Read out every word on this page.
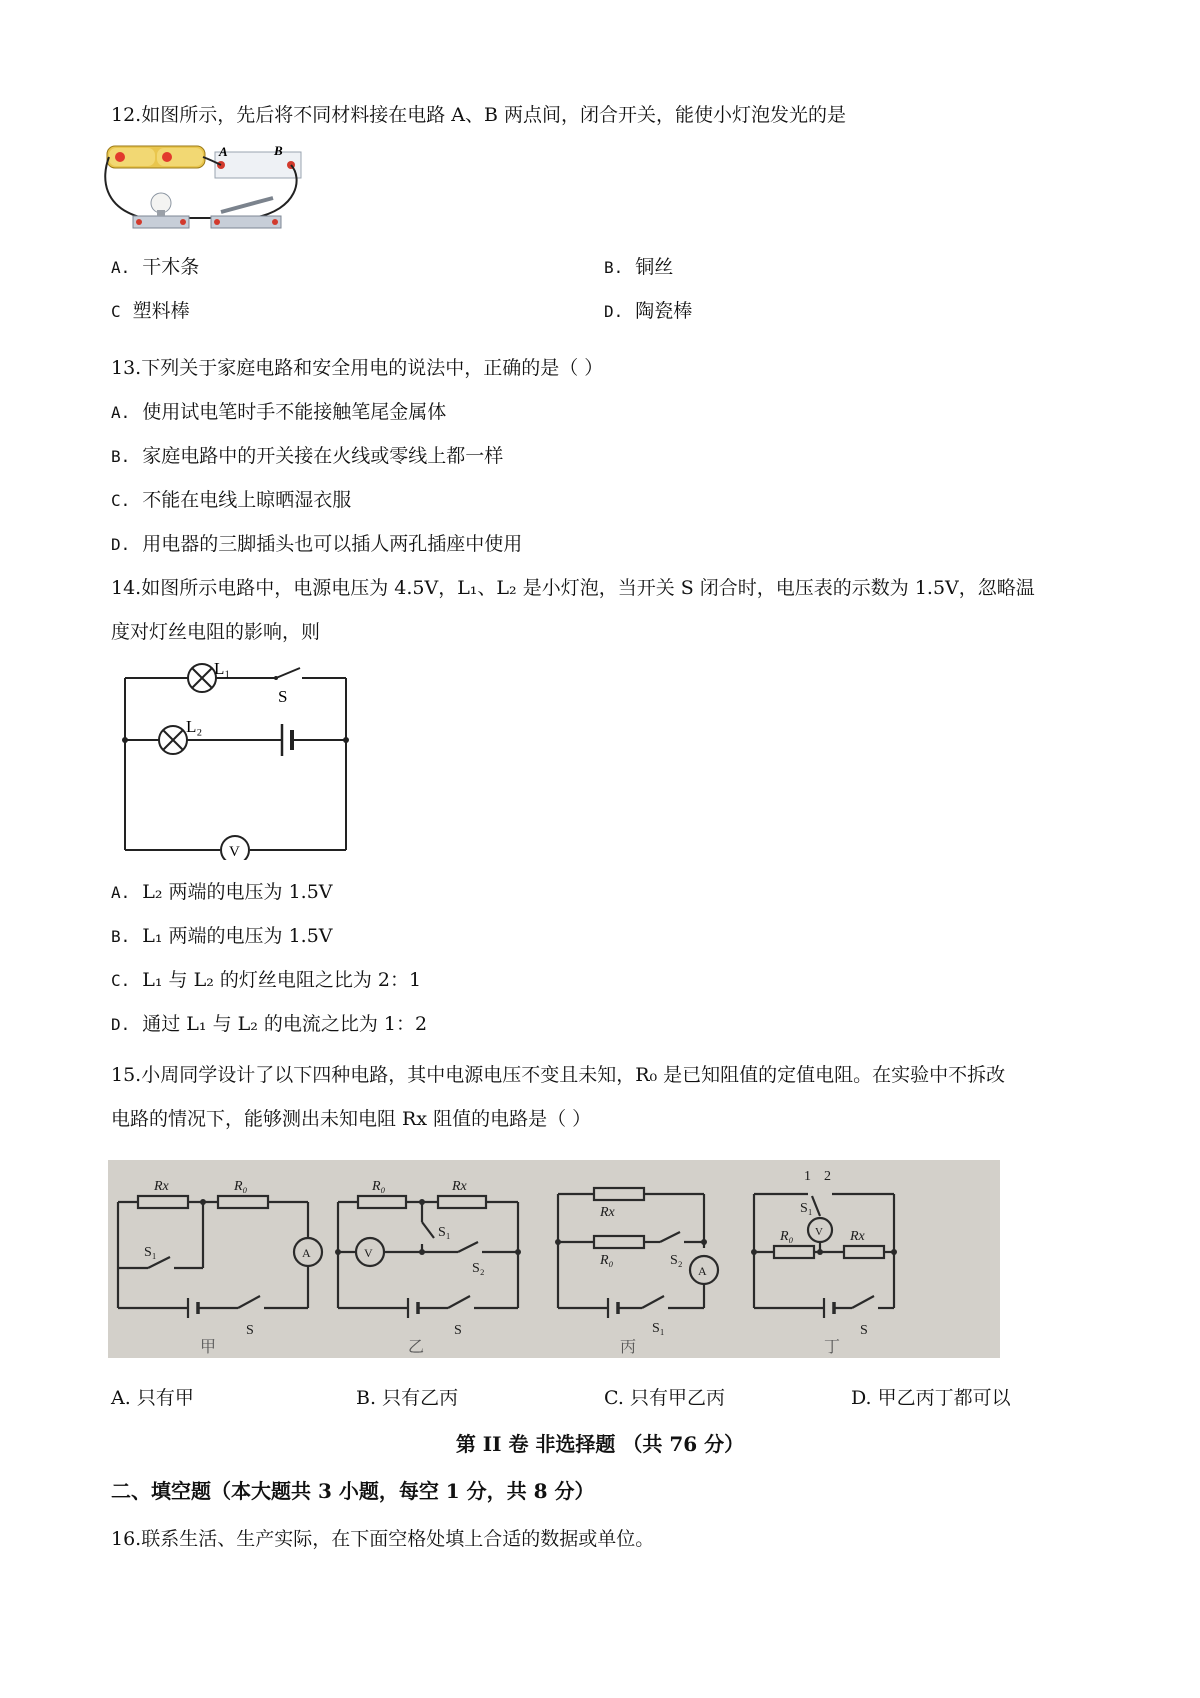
12.如图所示，先后将不同材料接在电路 A、B 两点间，闭合开关，能使小灯泡发光的是
A	B
A. 干木条	B. 铜丝
C 塑料棒	D. 陶瓷棒
13.下列关于家庭电路和安全用电的说法中，正确的是（ ）
A. 使用试电笔时手不能接触笔尾金属体
B. 家庭电路中的开关接在火线或零线上都一样
C. 不能在电线上晾晒湿衣服
D. 用电器的三脚插头也可以插人两孔插座中使用
14.如图所示电路中，电源电压为 4.5V，L₁、L₂ 是小灯泡，当开关 S 闭合时，电压表的示数为 1.5V，忽略温
度对灯丝电阻的影响，则
L₁
L₂
S
V
A. L₂ 两端的电压为 1.5V
B. L₁ 两端的电压为 1.5V
C. L₁ 与 L₂ 的灯丝电阻之比为 2：1
D. 通过 L₁ 与 L₂ 的电流之比为 1：2
15.小周同学设计了以下四种电路，其中电源电压不变且未知，R₀ 是已知阻值的定值电阻。在实验中不拆改
电路的情况下，能够测出未知电阻 Rx 阻值的电路是（ ）
Rx	R₀
S₁	A
S
R₀	Rx
S₁
V
S₂
S
Rx
R₀	S₂
A
S₁
1 2
S₁
V
R₀	Rx
S
甲	乙	丙	丁
A. 只有甲	B. 只有乙丙	C. 只有甲乙丙	D. 甲乙丙丁都可以
第 II 卷 非选择题 （共 76 分）
二、填空题（本大题共 3 小题，每空 1 分，共 8 分）
16.联系生活、生产实际，在下面空格处填上合适的数据或单位。
